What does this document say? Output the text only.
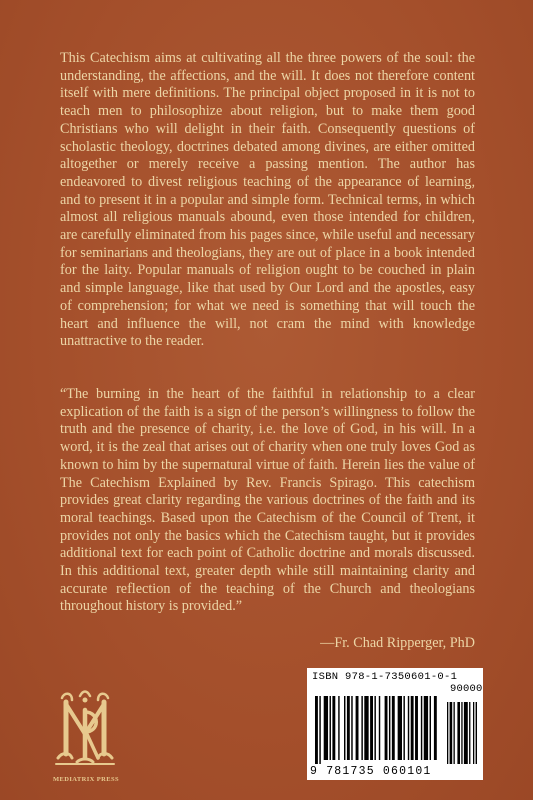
This Catechism aims at cultivating all the three powers of the soul: the understanding, the affections, and the will. It does not therefore content itself with mere definitions. The principal object proposed in it is not to teach men to philosophize about religion, but to make them good Christians who will delight in their faith. Consequently questions of scholastic theology, doctrines debated among divines, are either omitted altogether or merely receive a passing mention. The author has endeavored to divest religious teaching of the appearance of learning, and to present it in a popular and simple form. Technical terms, in which almost all religious manuals abound, even those intended for children, are carefully eliminated from his pages since, while useful and necessary for seminarians and theologians, they are out of place in a book intended for the laity. Popular manuals of religion ought to be couched in plain and simple language, like that used by Our Lord and the apostles, easy of comprehension; for what we need is something that will touch the heart and influence the will, not cram the mind with knowledge unattractive to the reader.

“The burning in the heart of the faithful in relationship to a clear explication of the faith is a sign of the person’s willingness to follow the truth and the presence of charity, i.e. the love of God, in his will. In a word, it is the zeal that arises out of charity when one truly loves God as known to him by the supernatural virtue of faith. Herein lies the value of The Catechism Explained by Rev. Francis Spirago. This catechism provides great clarity regarding the various doctrines of the faith and its moral teachings. Based upon the Catechism of the Council of Trent, it provides not only the basics which the Catechism taught, but it provides additional text for each point of Catholic doctrine and morals discussed. In this additional text, greater depth while still maintaining clarity and accurate reflection of the teaching of the Church and theologians throughout history is provided.”

—Fr. Chad Ripperger, PhD

MEDIATRIX PRESS
ISBN 978-1-7350601-0-1
90000
9 781735 060101
